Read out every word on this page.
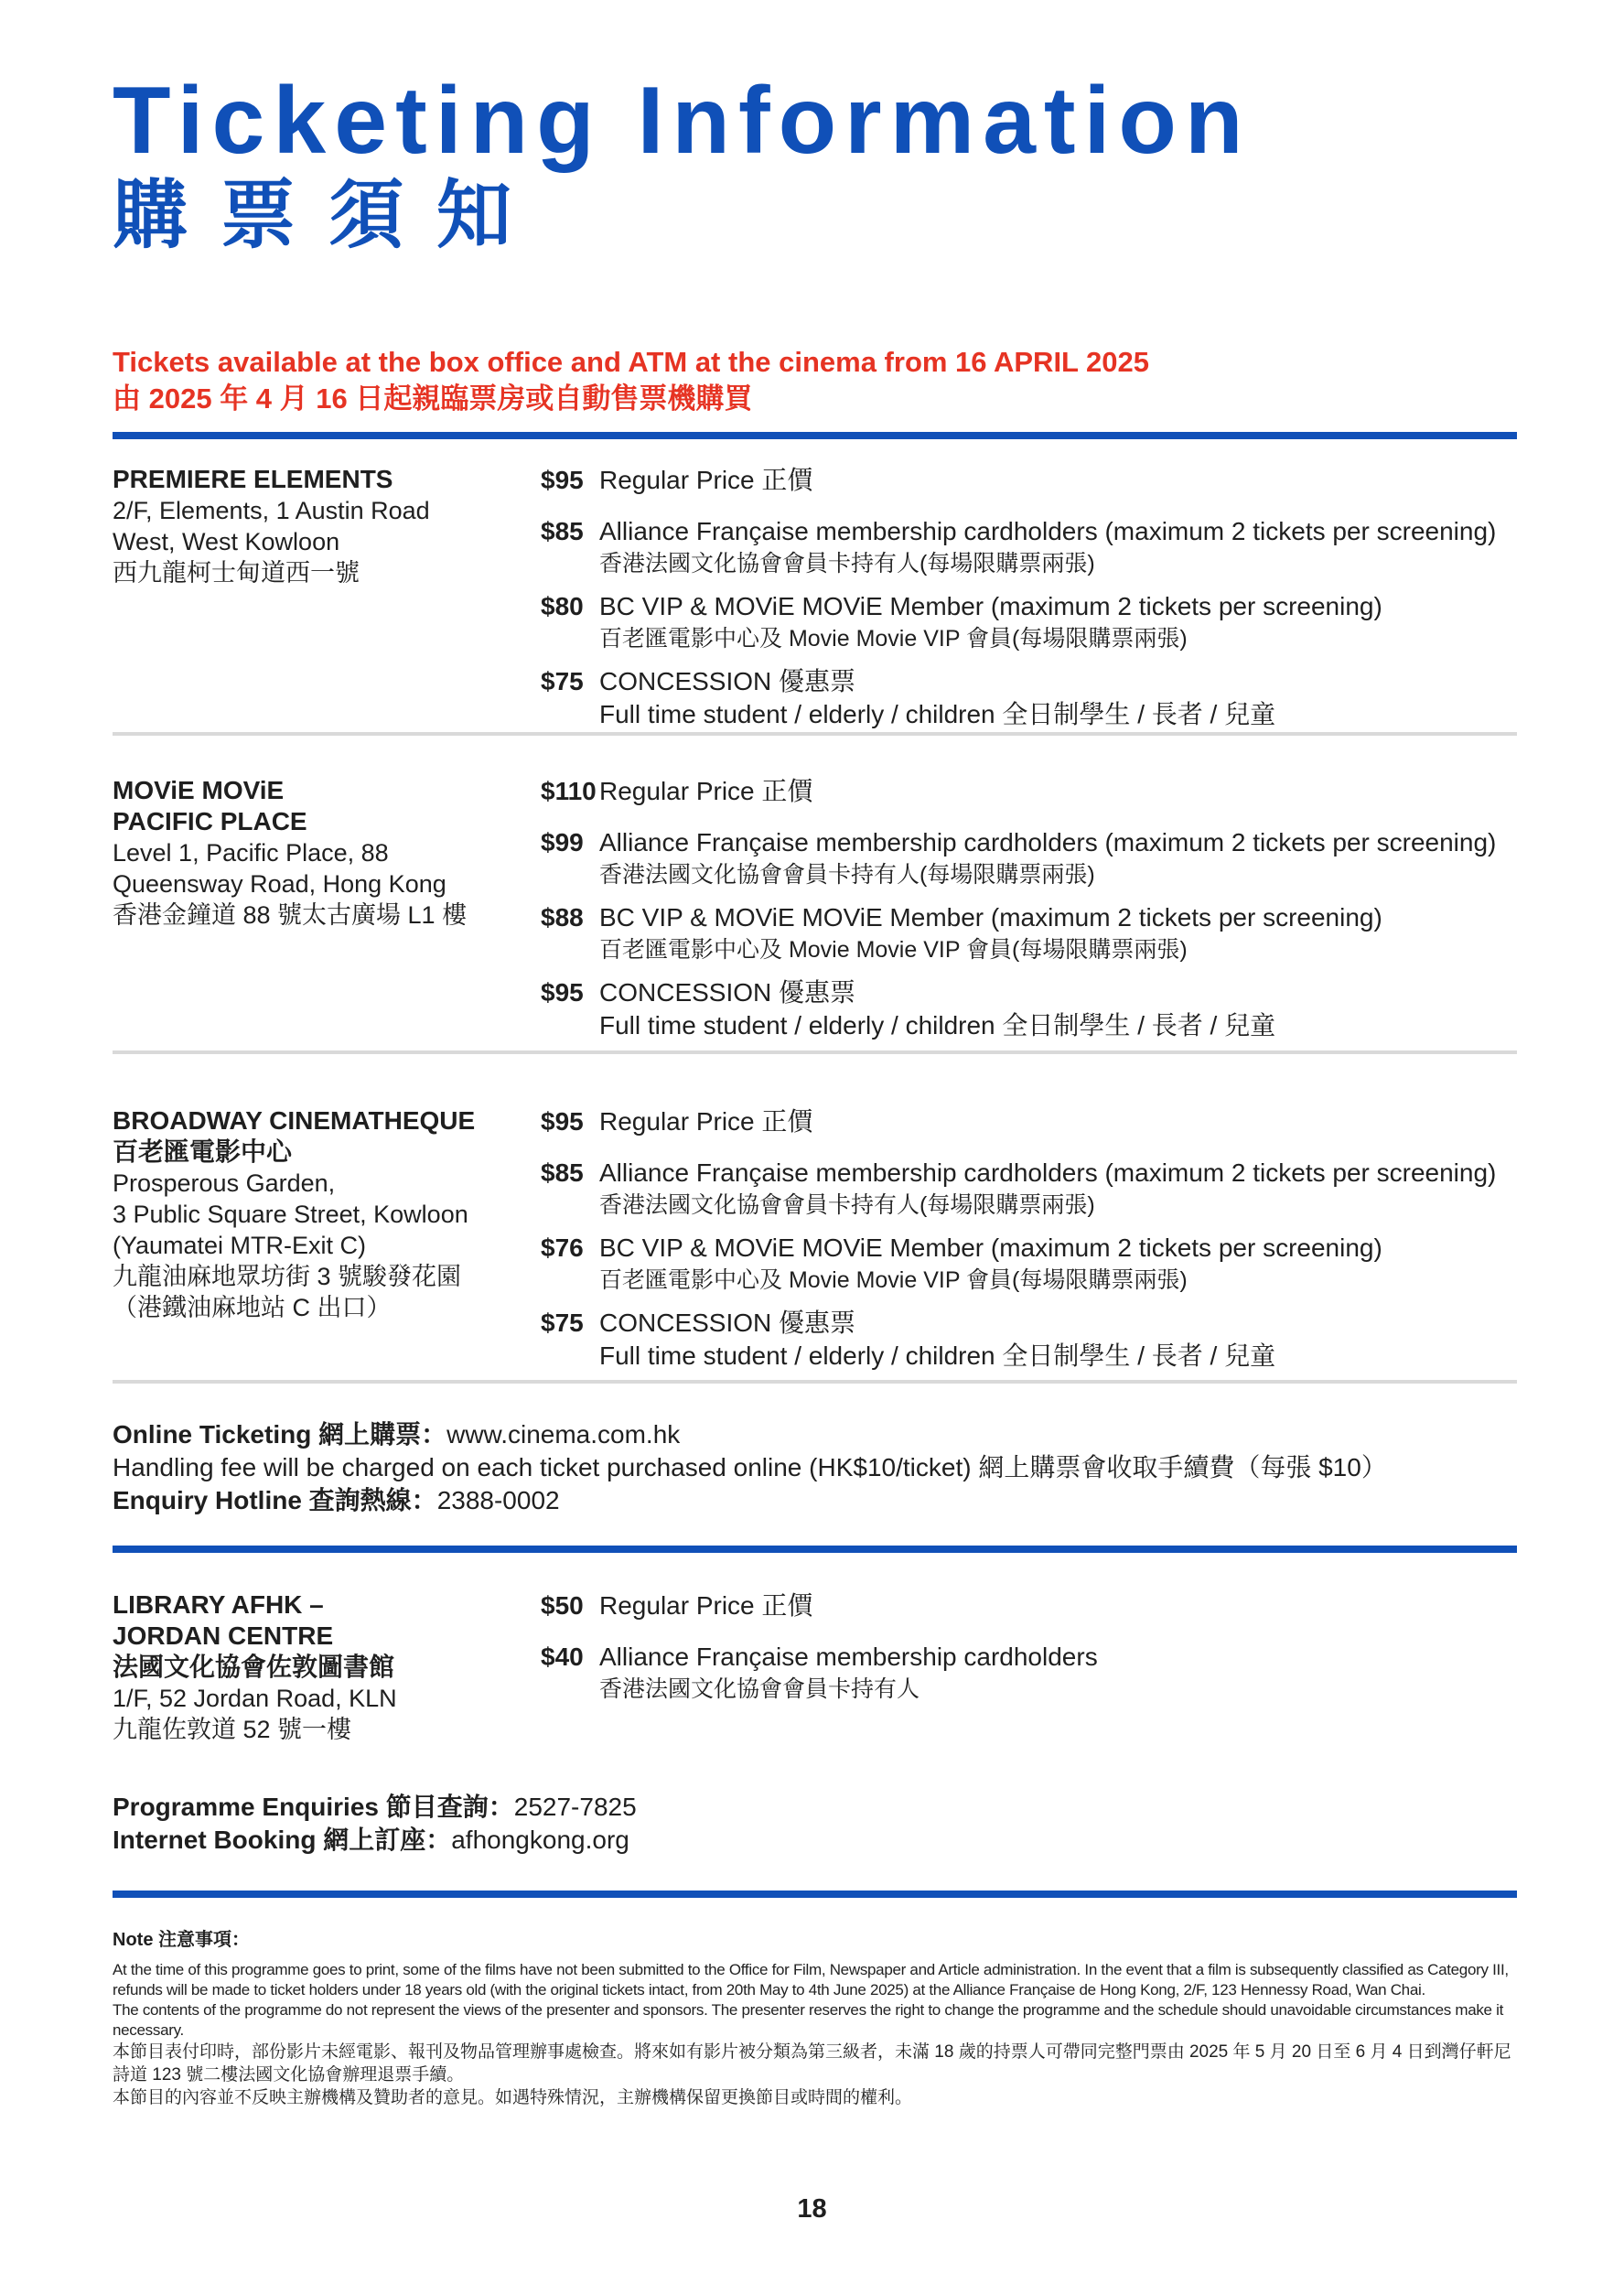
Ticketing Information
購票須知
Tickets available at the box office and ATM at the cinema from 16 APRIL 2025
由 2025 年 4 月 16 日起親臨票房或自動售票機購買
PREMIERE ELEMENTS
2/F, Elements, 1 Austin Road
West, West Kowloon
西九龍柯士甸道西一號
$95 Regular Price 正價
$85 Alliance Française membership cardholders (maximum 2 tickets per screening)
香港法國文化協會會員卡持有人(每場限購票兩張)
$80 BC VIP & MOViE MOViE Member (maximum 2 tickets per screening)
百老匯電影中心及 Movie Movie VIP 會員(每場限購票兩張)
$75 CONCESSION 優惠票
Full time student / elderly / children 全日制學生 / 長者 / 兒童
MOViE MOViE
PACIFIC PLACE
Level 1, Pacific Place, 88
Queensway Road, Hong Kong
香港金鐘道 88 號太古廣場 L1 樓
$110 Regular Price 正價
$99 Alliance Française membership cardholders (maximum 2 tickets per screening)
香港法國文化協會會員卡持有人(每場限購票兩張)
$88 BC VIP & MOViE MOViE Member (maximum 2 tickets per screening)
百老匯電影中心及 Movie Movie VIP 會員(每場限購票兩張)
$95 CONCESSION 優惠票
Full time student / elderly / children 全日制學生 / 長者 / 兒童
BROADWAY CINEMATHEQUE
百老匯電影中心
Prosperous Garden,
3 Public Square Street, Kowloon
(Yaumatei MTR-Exit C)
九龍油麻地眾坊街 3 號駿發花園
（港鐵油麻地站 C 出口）
$95 Regular Price 正價
$85 Alliance Française membership cardholders (maximum 2 tickets per screening)
香港法國文化協會會員卡持有人(每場限購票兩張)
$76 BC VIP & MOViE MOViE Member (maximum 2 tickets per screening)
百老匯電影中心及 Movie Movie VIP 會員(每場限購票兩張)
$75 CONCESSION 優惠票
Full time student / elderly / children 全日制學生 / 長者 / 兒童
Online Ticketing 網上購票：www.cinema.com.hk
Handling fee will be charged on each ticket purchased online (HK$10/ticket) 網上購票會收取手續費（每張 $10）
Enquiry Hotline 查詢熱線：2388-0002
LIBRARY AFHK –
JORDAN CENTRE
法國文化協會佐敦圖書館
1/F, 52 Jordan Road, KLN
九龍佐敦道 52 號一樓
$50 Regular Price 正價
$40 Alliance Française membership cardholders
香港法國文化協會會員卡持有人
Programme Enquiries 節目查詢：2527-7825
Internet Booking 網上訂座：afhongkong.org
Note 注意事項：

At the time of this programme goes to print, some of the films have not been submitted to the Office for Film, Newspaper and Article administration. In the event that a film is subsequently classified as Category III, refunds will be made to ticket holders under 18 years old (with the original tickets intact, from 20th May to 4th June 2025) at the Alliance Française de Hong Kong, 2/F, 123 Hennessy Road, Wan Chai.

The contents of the programme do not represent the views of the presenter and sponsors. The presenter reserves the right to change the programme and the schedule should unavoidable circumstances make it necessary.

本節目表付印時，部份影片未經電影、報刊及物品管理辦事處檢查。將來如有影片被分類為第三級者，未滿 18 歲的持票人可帶同完整門票由 2025 年 5 月 20 日至 6 月 4 日到灣仔軒尼詩道 123 號二樓法國文化協會辦理退票手續。

本節目的內容並不反映主辦機構及贊助者的意見。如遇特殊情況，主辦機構保留更換節目或時間的權利。

18
